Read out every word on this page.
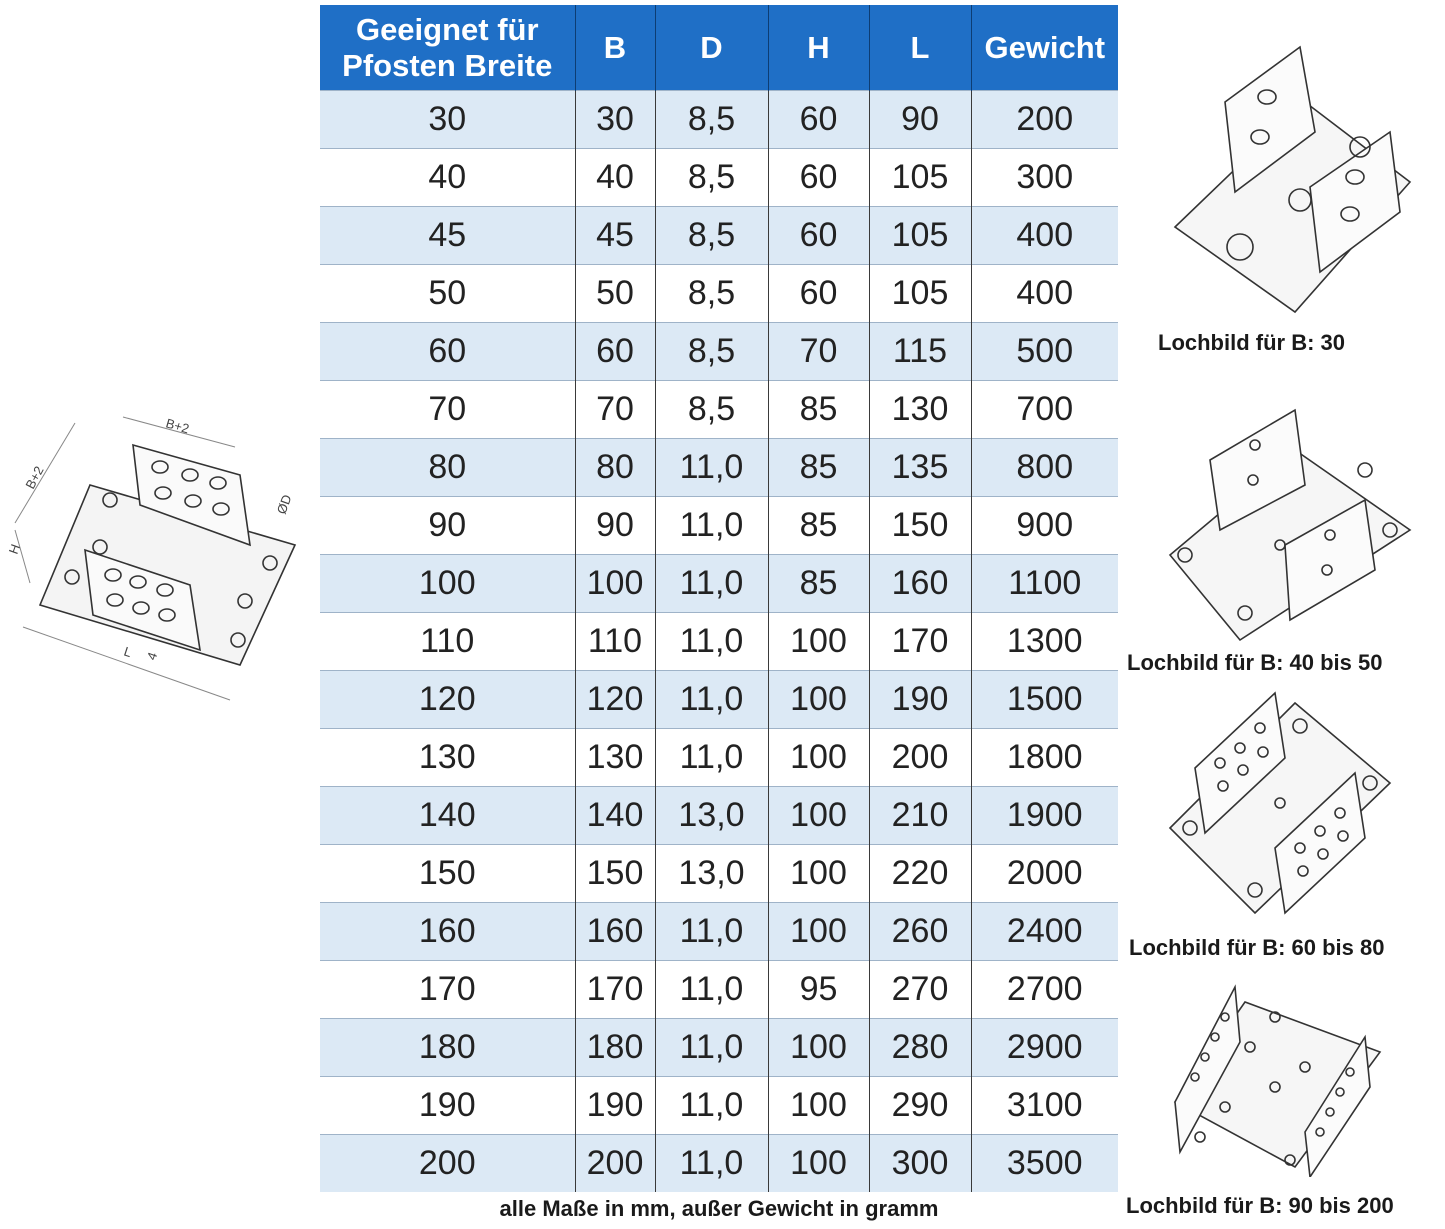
B+2
B+2
H
ØD
L 4
Geeignet für
Pfosten Breite	B	D	H	L	Gewicht
30	30	8,5	60	90	200
40	40	8,5	60	105	300
45	45	8,5	60	105	400
50	50	8,5	60	105	400
60	60	8,5	70	115	500
70	70	8,5	85	130	700
80	80	11,0	85	135	800
90	90	11,0	85	150	900
100	100	11,0	85	160	1100
110	110	11,0	100	170	1300
120	120	11,0	100	190	1500
130	130	11,0	100	200	1800
140	140	13,0	100	210	1900
150	150	13,0	100	220	2000
160	160	11,0	100	260	2400
170	170	11,0	95	270	2700
180	180	11,0	100	280	2900
190	190	11,0	100	290	3100
200	200	11,0	100	300	3500
alle Maße in mm, außer Gewicht in gramm
Lochbild für B: 30
Lochbild für B: 40 bis 50
Lochbild für B: 60 bis 80
Lochbild für B: 90 bis 200
